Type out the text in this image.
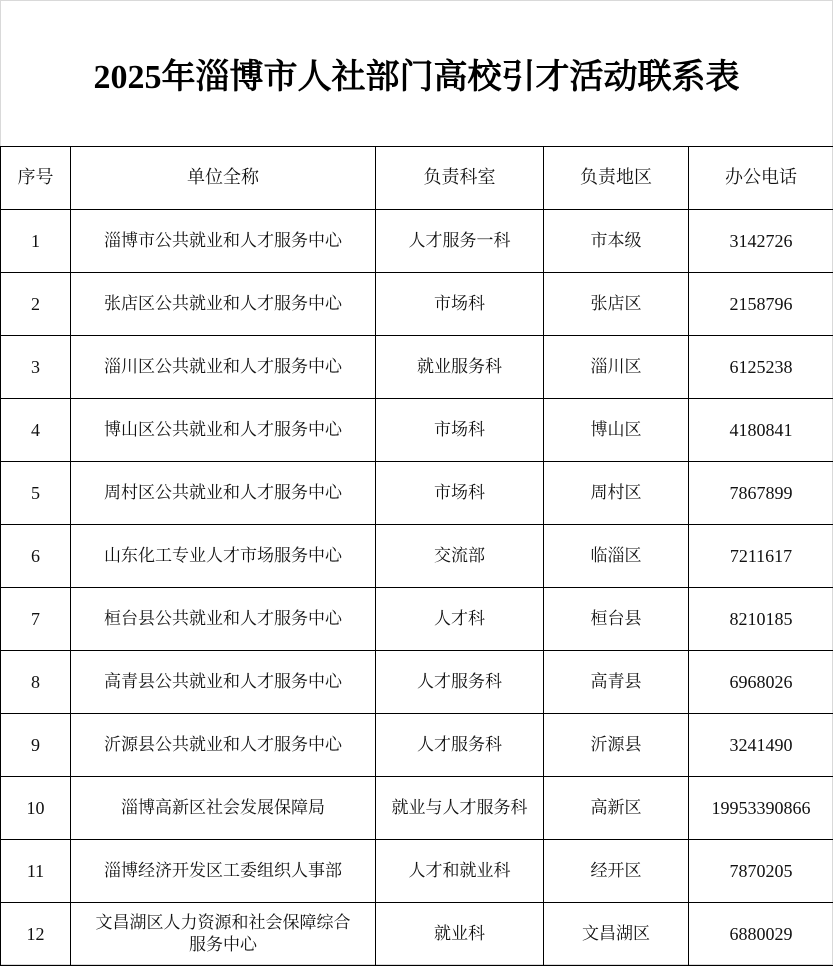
2025年淄博市人社部门高校引才活动联系表
序号	单位全称	负责科室	负责地区	办公电话
1	淄博市公共就业和人才服务中心	人才服务一科	市本级	3142726
2	张店区公共就业和人才服务中心	市场科	张店区	2158796
3	淄川区公共就业和人才服务中心	就业服务科	淄川区	6125238
4	博山区公共就业和人才服务中心	市场科	博山区	4180841
5	周村区公共就业和人才服务中心	市场科	周村区	7867899
6	山东化工专业人才市场服务中心	交流部	临淄区	7211617
7	桓台县公共就业和人才服务中心	人才科	桓台县	8210185
8	高青县公共就业和人才服务中心	人才服务科	高青县	6968026
9	沂源县公共就业和人才服务中心	人才服务科	沂源县	3241490
10	淄博高新区社会发展保障局	就业与人才服务科	高新区	19953390866
11	淄博经济开发区工委组织人事部	人才和就业科	经开区	7870205
12	文昌湖区人力资源和社会保障综合服务中心	就业科	文昌湖区	6880029
